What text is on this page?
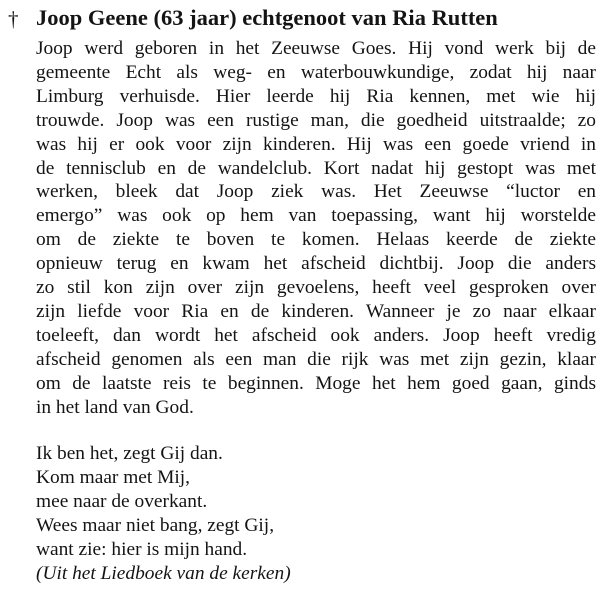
† Joop Geene (63 jaar) echtgenoot van Ria Rutten
Joop werd geboren in het Zeeuwse Goes. Hij vond werk bij de
gemeente Echt als weg- en waterbouwkundige, zodat hij naar
Limburg verhuisde. Hier leerde hij Ria kennen, met wie hij
trouwde. Joop was een rustige man, die goedheid uitstraalde; zo
was hij er ook voor zijn kinderen. Hij was een goede vriend in
de tennisclub en de wandelclub. Kort nadat hij gestopt was met
werken, bleek dat Joop ziek was. Het Zeeuwse “luctor en
emergo” was ook op hem van toepassing, want hij worstelde
om de ziekte te boven te komen. Helaas keerde de ziekte
opnieuw terug en kwam het afscheid dichtbij. Joop die anders
zo stil kon zijn over zijn gevoelens, heeft veel gesproken over
zijn liefde voor Ria en de kinderen. Wanneer je zo naar elkaar
toeleeft, dan wordt het afscheid ook anders. Joop heeft vredig
afscheid genomen als een man die rijk was met zijn gezin, klaar
om de laatste reis te beginnen. Moge het hem goed gaan, ginds
in het land van God.
Ik ben het, zegt Gij dan.
Kom maar met Mij,
mee naar de overkant.
Wees maar niet bang, zegt Gij,
want zie: hier is mijn hand.
(Uit het Liedboek van de kerken)
